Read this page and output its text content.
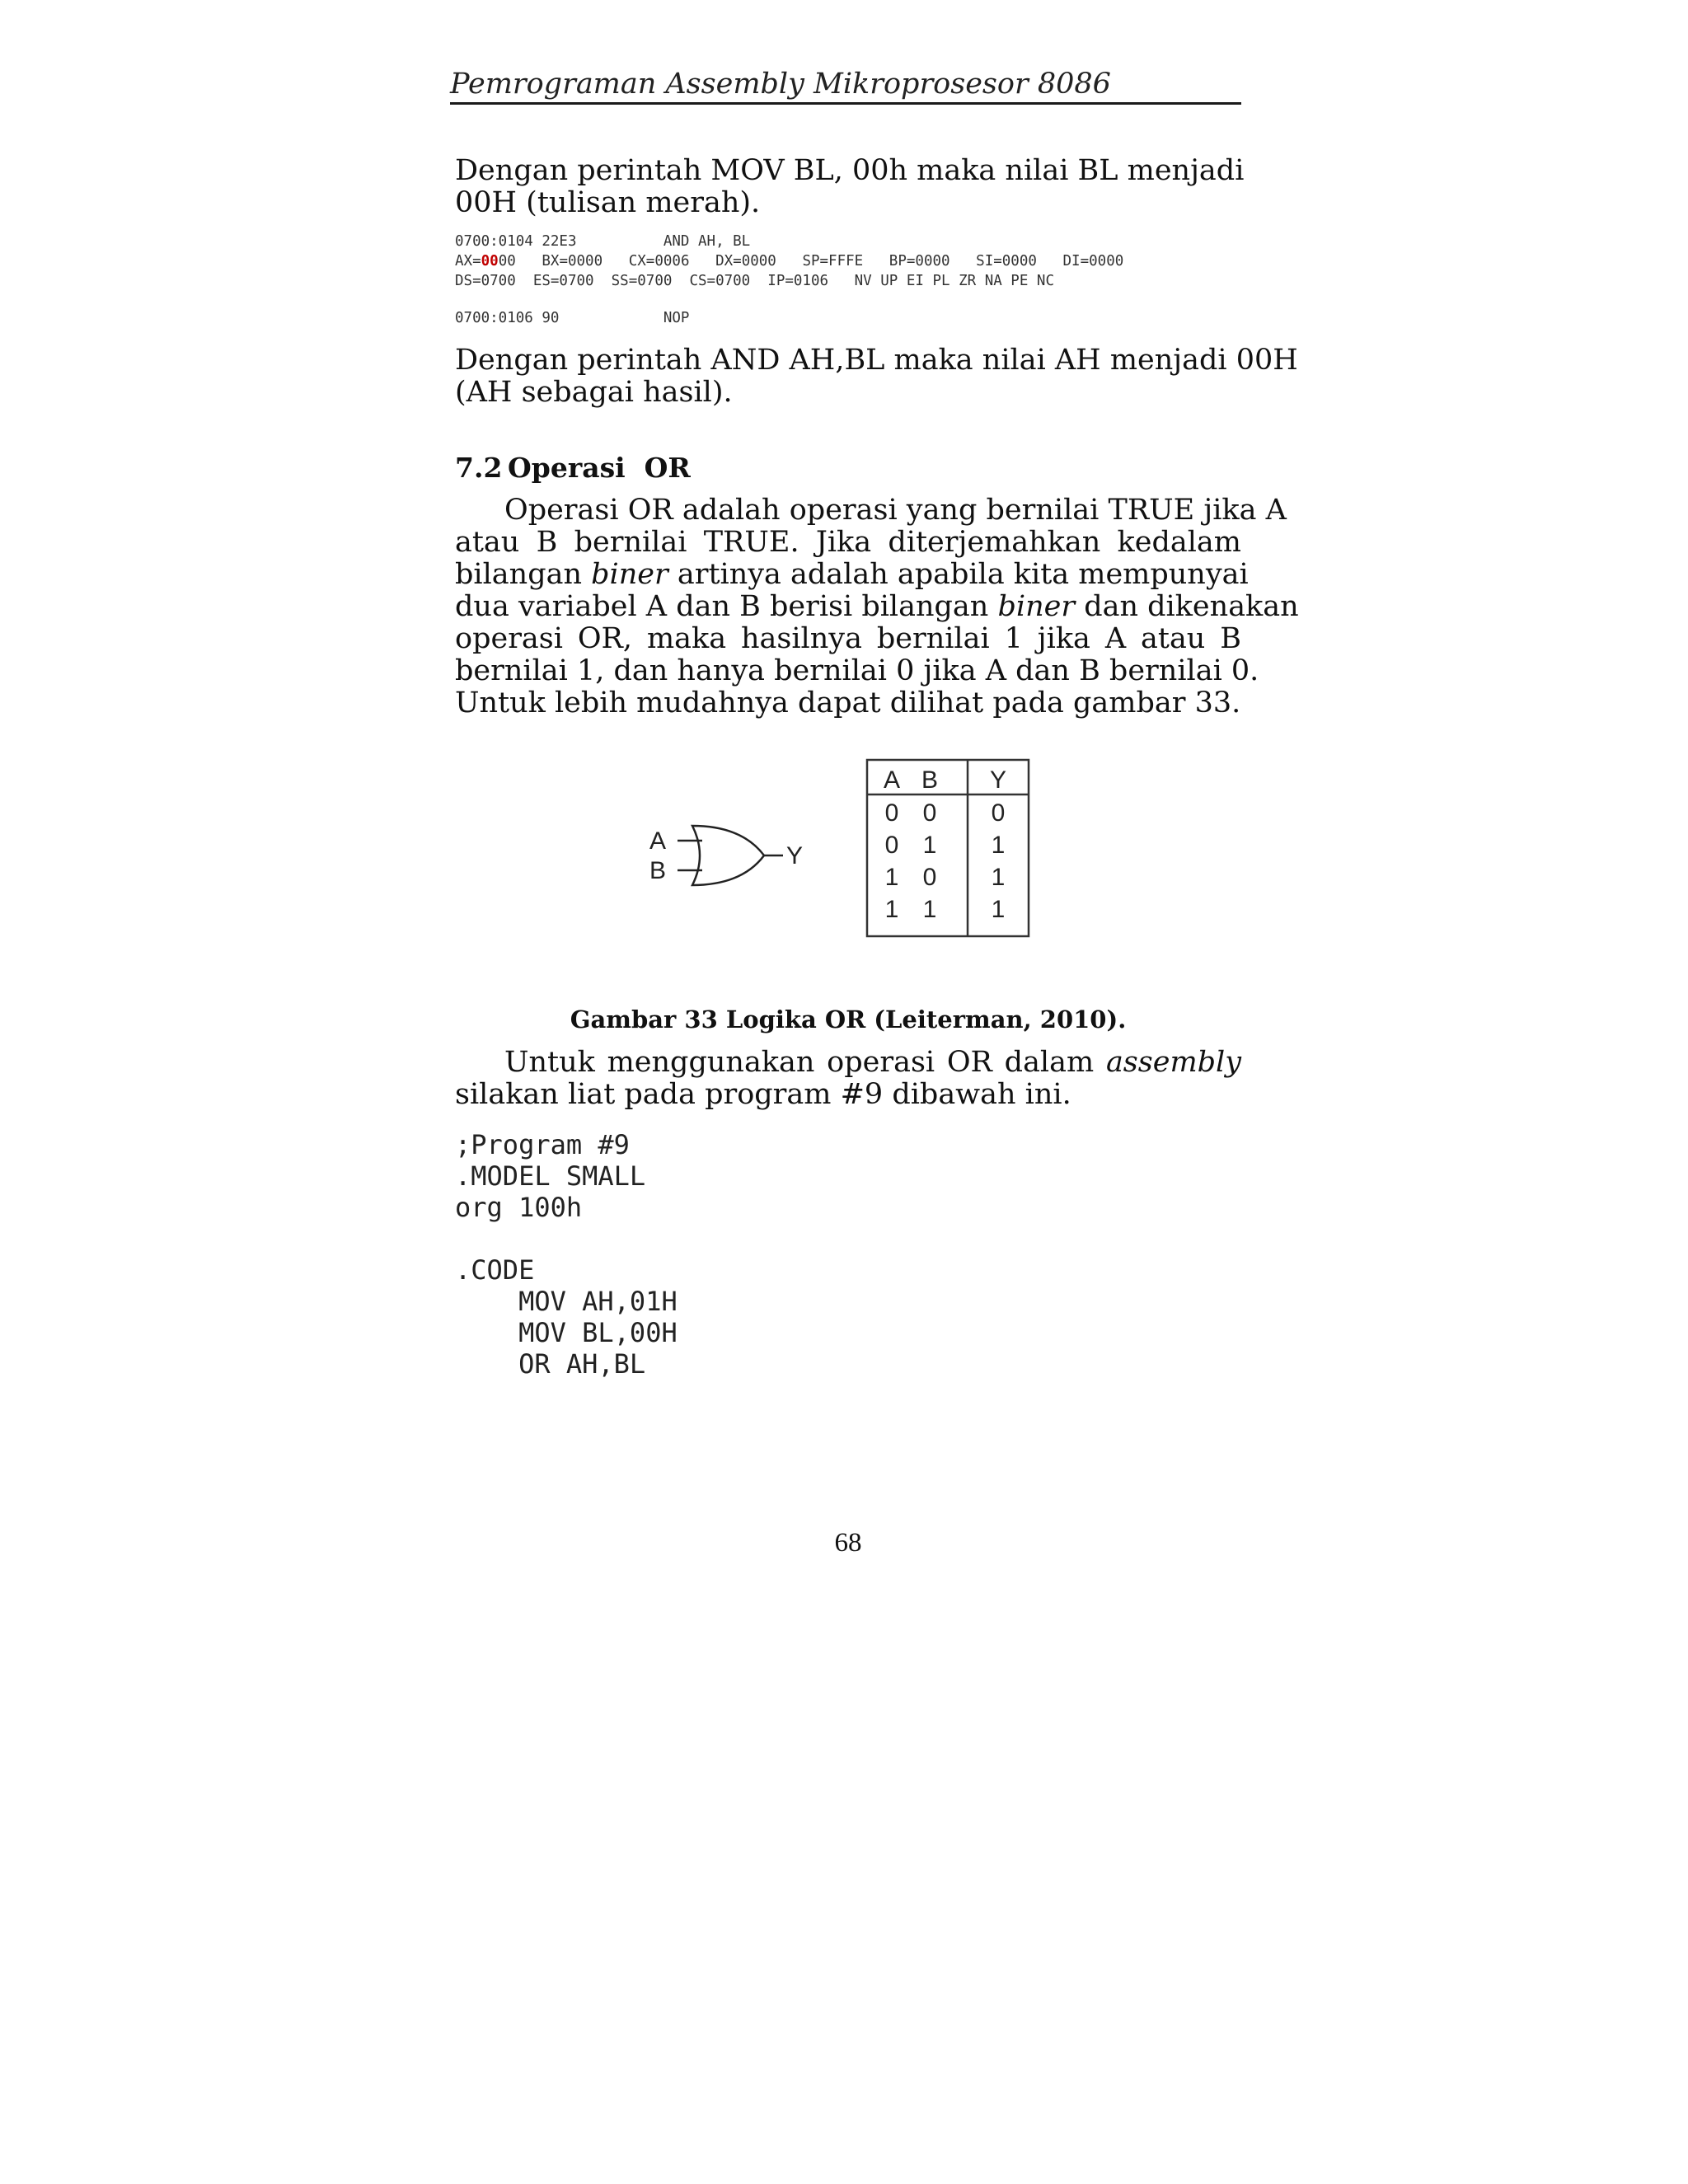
Pemrograman Assembly Mikroprosesor 8086
Dengan perintah MOV BL, 00h maka nilai BL menjadi
00H (tulisan merah).
0700:0104 22E3          AND AH, BL
AX=0000   BX=0000   CX=0006   DX=0000   SP=FFFE   BP=0000   SI=0000   DI=0000
DS=0700  ES=0700  SS=0700  CS=0700  IP=0106   NV UP EI PL ZR NA PE NC
0700:0106 90            NOP
Dengan perintah AND AH,BL maka nilai AH menjadi 00H
(AH sebagai hasil).
7.2 Operasi  OR
Operasi OR adalah operasi yang bernilai TRUE jika A
atau B bernilai TRUE. Jika diterjemahkan kedalam
bilangan biner artinya adalah apabila kita mempunyai
dua variabel A dan B berisi bilangan biner dan dikenakan
operasi OR, maka hasilnya bernilai 1 jika A atau B
bernilai 1, dan hanya bernilai 0 jika A dan B bernilai 0.
Untuk lebih mudahnya dapat dilihat pada gambar 33.
A
B
Y
A B Y
0 0 0
0 1 1
1 0 1
1 1 1
Gambar 33 Logika OR (Leiterman, 2010).
Untuk menggunakan operasi OR dalam assembly
silakan liat pada program #9 dibawah ini.
;Program #9
.MODEL SMALL
org 100h

.CODE
MOV AH,01H
MOV BL,00H
OR AH,BL
68
